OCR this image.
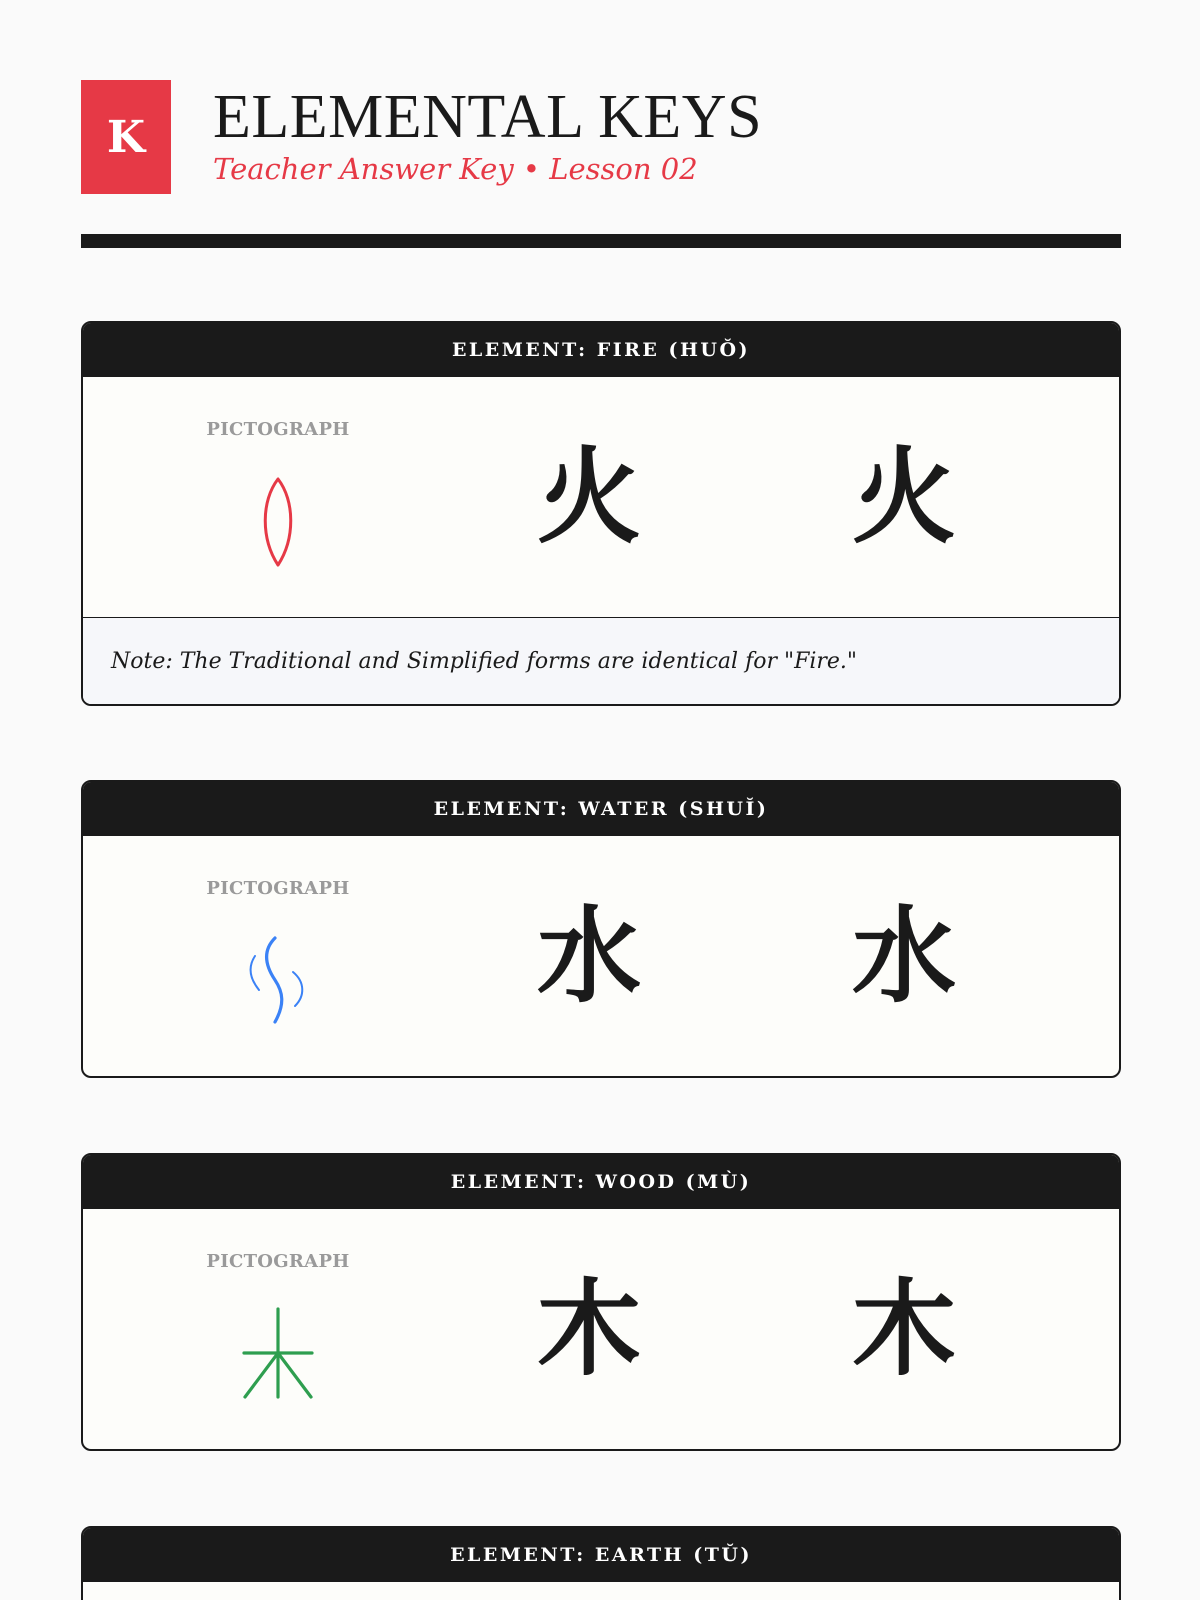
K ELEMENTAL KEYS
Teacher Answer Key • Lesson 02
ELEMENT: FIRE (HUŎ)
PICTOGRAPH
火 火
Note: The Traditional and Simplified forms are identical for "Fire."
ELEMENT: WATER (SHUĬ)
PICTOGRAPH
水 水
ELEMENT: WOOD (MÙ)
PICTOGRAPH
木 木
ELEMENT: EARTH (TŬ)
